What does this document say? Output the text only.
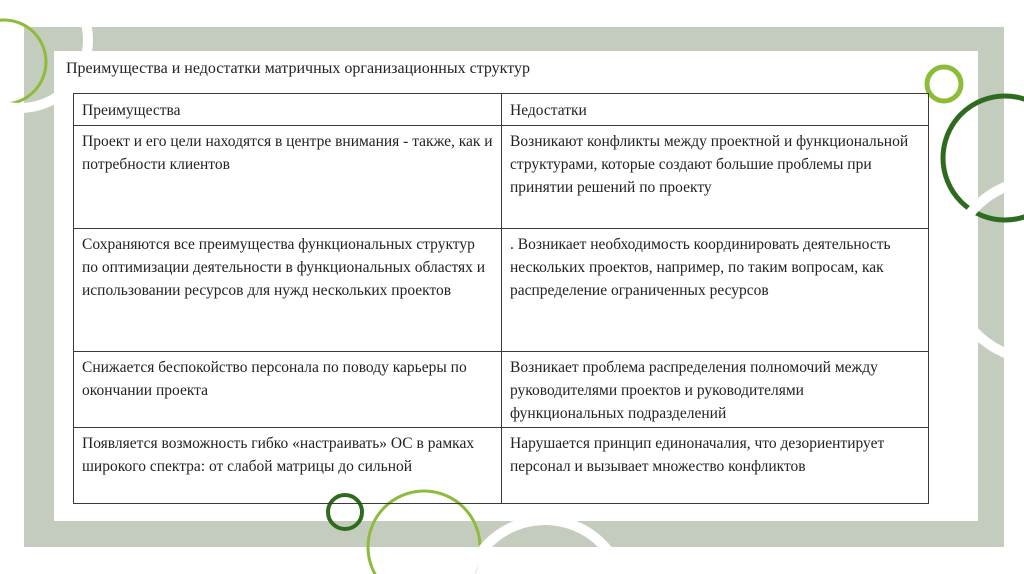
Преимущества и недостатки матричных организационных структур
Преимущества	Недостатки
Проект и его цели находятся в центре внимания - также, как и потребности клиентов	Возникают конфликты между проектной и функциональной структурами, которые создают большие проблемы при принятии решений по проекту
Сохраняются все преимущества функциональных структур по оптимизации деятельности в функциональных областях и использовании ресурсов для нужд нескольких проектов	. Возникает необходимость координировать деятельность нескольких проектов, например, по таким вопросам, как распределение ограниченных ресурсов
Снижается беспокойство персонала по поводу карьеры по окончании проекта	Возникает проблема распределения полномочий между руководителями проектов и руководителями функциональных подразделений
Появляется возможность гибко «настраивать» ОС в рамках широкого спектра: от слабой матрицы до сильной	Нарушается принцип единоначалия, что дезориентирует персонал и вызывает множество конфликтов
